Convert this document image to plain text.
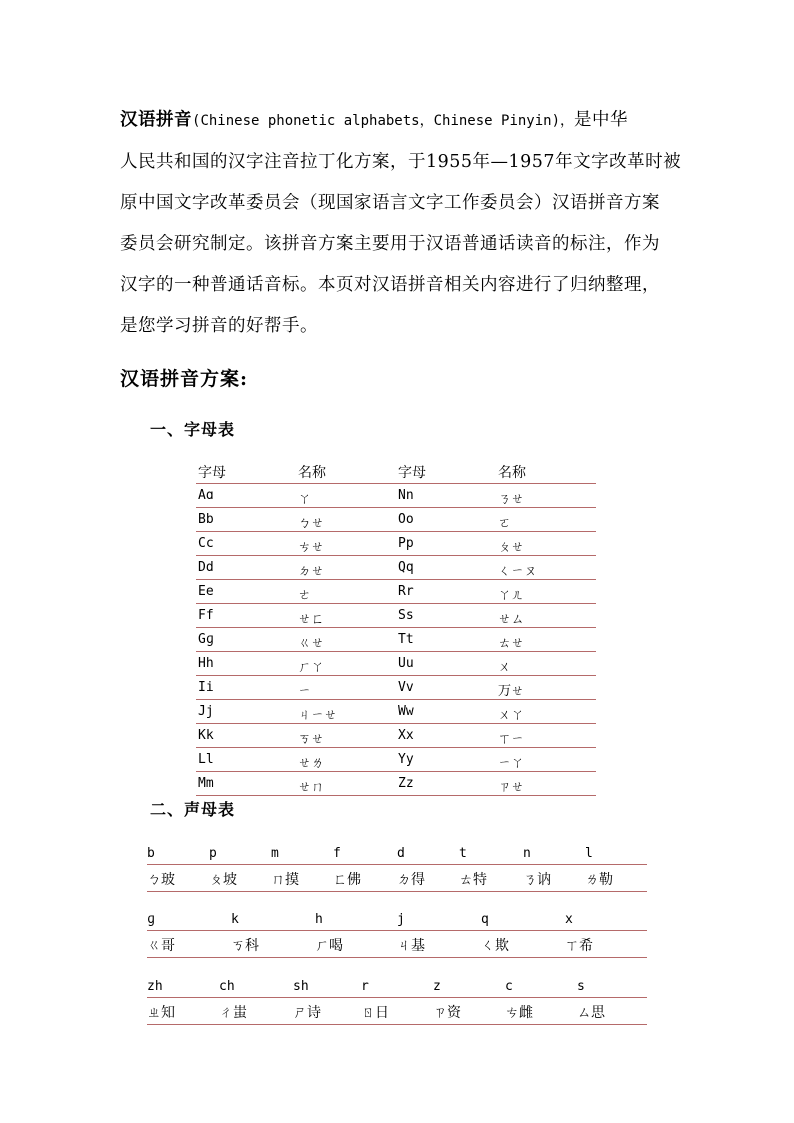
汉语拼音(Chinese phonetic alphabets，Chinese Pinyin)，是中华
人民共和国的汉字注音拉丁化方案，于1955年—1957年文字改革时被
原中国文字改革委员会（现国家语言文字工作委员会）汉语拼音方案
委员会研究制定。该拼音方案主要用于汉语普通话读音的标注，作为
汉字的一种普通话音标。本页对汉语拼音相关内容进行了归纳整理，
是您学习拼音的好帮手。
汉语拼音方案:
一、字母表
字母	名称	字母	名称
Aɑ	ㄚ	Nn	ㄋㄝ
Bb	ㄅㄝ	Oo	ㄛ
Cc	ㄘㄝ	Pp	ㄆㄝ
Dd	ㄉㄝ	Qq	ㄑㄧㄡ
Ee	ㄜ	Rr	ㄚㄦ
Ff	ㄝㄈ	Ss	ㄝㄙ
Gɡ	ㄍㄝ	Tt	ㄊㄝ
Hh	ㄏㄚ	Uu	ㄨ
Ii	ㄧ	Vv	ㄪㄝ
Jj	ㄐㄧㄝ	Ww	ㄨㄚ
Kk	ㄎㄝ	Xx	ㄒㄧ
Ll	ㄝㄌ	Yy	ㄧㄚ
Mm	ㄝㄇ	Zz	ㄗㄝ
二、声母表
b	p	m	f	d	t	n	l
ㄅ玻 ㄆ坡 ㄇ摸 ㄈ佛	ㄉ得 ㄊ特	ㄋ讷 ㄌ勒
ɡ	k	h	j	q	x
ㄍ哥	ㄎ科	ㄏ喝	ㄐ基	ㄑ欺	ㄒ希
zh	ch	sh	r	z	c	s
ㄓ知	ㄔ蚩	ㄕ诗	ㄖ日	ㄗ资	ㄘ雌	ㄙ思
